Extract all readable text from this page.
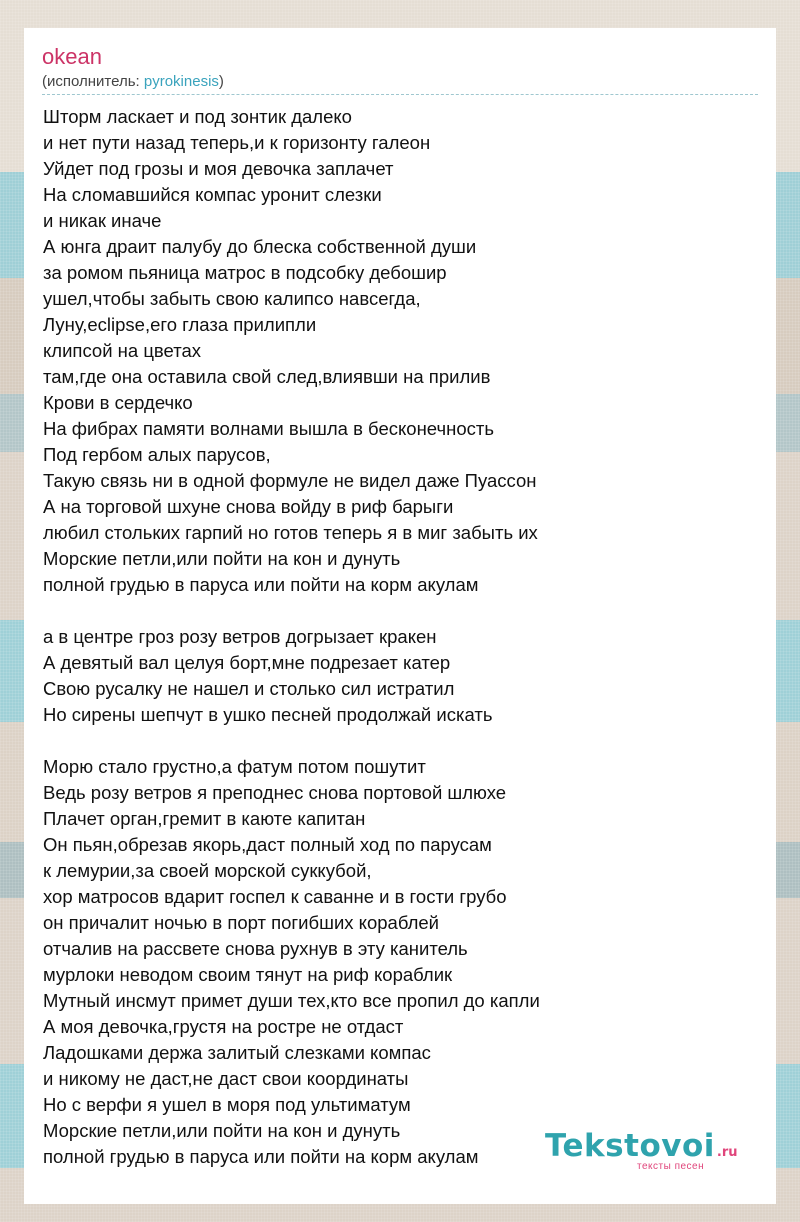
okean
(исполнитель: pyrokinesis)
Шторм ласкает и под зонтик далеко
и нет пути назад теперь,и к горизонту галеон
Уйдет под грозы и моя девочка заплачет
На сломавшийся компас уронит слезки
и никак иначе
А юнга драит палубу до блеска собственной души
за ромом пьяница матрос в подсобку дебошир
ушел,чтобы забыть свою калипсо навсегда,
Луну,eclipse,его глаза прилипли
клипсой на цветах
там,где она оставила свой след,влиявши на прилив
Крови в сердечко
На фибрах памяти волнами вышла в бесконечность
Под гербом алых парусов,
Такую связь ни в одной формуле не видел даже Пуассон
А на торговой шхуне снова войду в риф барыги
любил стольких гарпий но готов теперь я в миг забыть их
Морские петли,или пойти на кон и дунуть
полной грудью в паруса или пойти на корм акулам
а в центре гроз розу ветров догрызает кракен
А девятый вал целуя борт,мне подрезает катер
Свою русалку не нашел и столько сил истратил
Но сирены шепчут в ушко песней продолжай искать
Морю стало грустно,а фатум потом пошутит
Ведь розу ветров я преподнес снова портовой шлюхе
Плачет орган,гремит в каюте капитан
Он пьян,обрезав якорь,даст полный ход по парусам
к лемурии,за своей морской суккубой,
хор матросов вдарит госпел к саванне и в гости грубо
он причалит ночью в порт погибших кораблей
отчалив на рассвете снова рухнув в эту канитель
мурлоки неводом своим тянут на риф кораблик
Мутный инсмут примет души тех,кто все пропил до капли
А моя девочка,грустя на ростре не отдаст
Ладошками держа залитый слезками компас
и никому не даст,не даст свои координаты
Но с верфи я ушел в моря под ультиматум
Морские петли,или пойти на кон и дунуть
полной грудью в паруса или пойти на корм акулам	Tekstovoi .ru
тексты песен
